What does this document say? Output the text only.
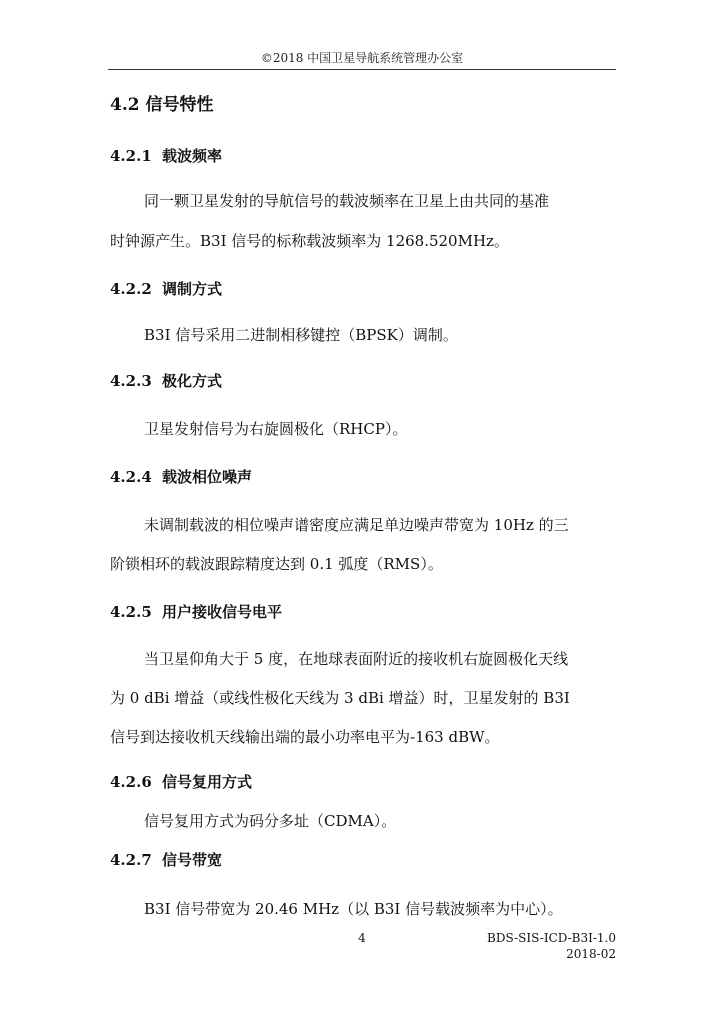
©2018 中国卫星导航系统管理办公室
4.2 信号特性
4.2.1 载波频率
同一颗卫星发射的导航信号的载波频率在卫星上由共同的基准
时钟源产生。B3I 信号的标称载波频率为 1268.520MHz。
4.2.2 调制方式
B3I 信号采用二进制相移键控（BPSK）调制。
4.2.3 极化方式
卫星发射信号为右旋圆极化（RHCP）。
4.2.4 载波相位噪声
未调制载波的相位噪声谱密度应满足单边噪声带宽为 10Hz 的三
阶锁相环的载波跟踪精度达到 0.1 弧度（RMS）。
4.2.5 用户接收信号电平
当卫星仰角大于 5 度，在地球表面附近的接收机右旋圆极化天线
为 0 dBi 增益（或线性极化天线为 3 dBi 增益）时，卫星发射的 B3I
信号到达接收机天线输出端的最小功率电平为-163 dBW。
4.2.6 信号复用方式
信号复用方式为码分多址（CDMA）。
4.2.7 信号带宽
B3I 信号带宽为 20.46 MHz（以 B3I 信号载波频率为中心）。
4	BDS-SIS-ICD-B3I-1.0
2018-02
